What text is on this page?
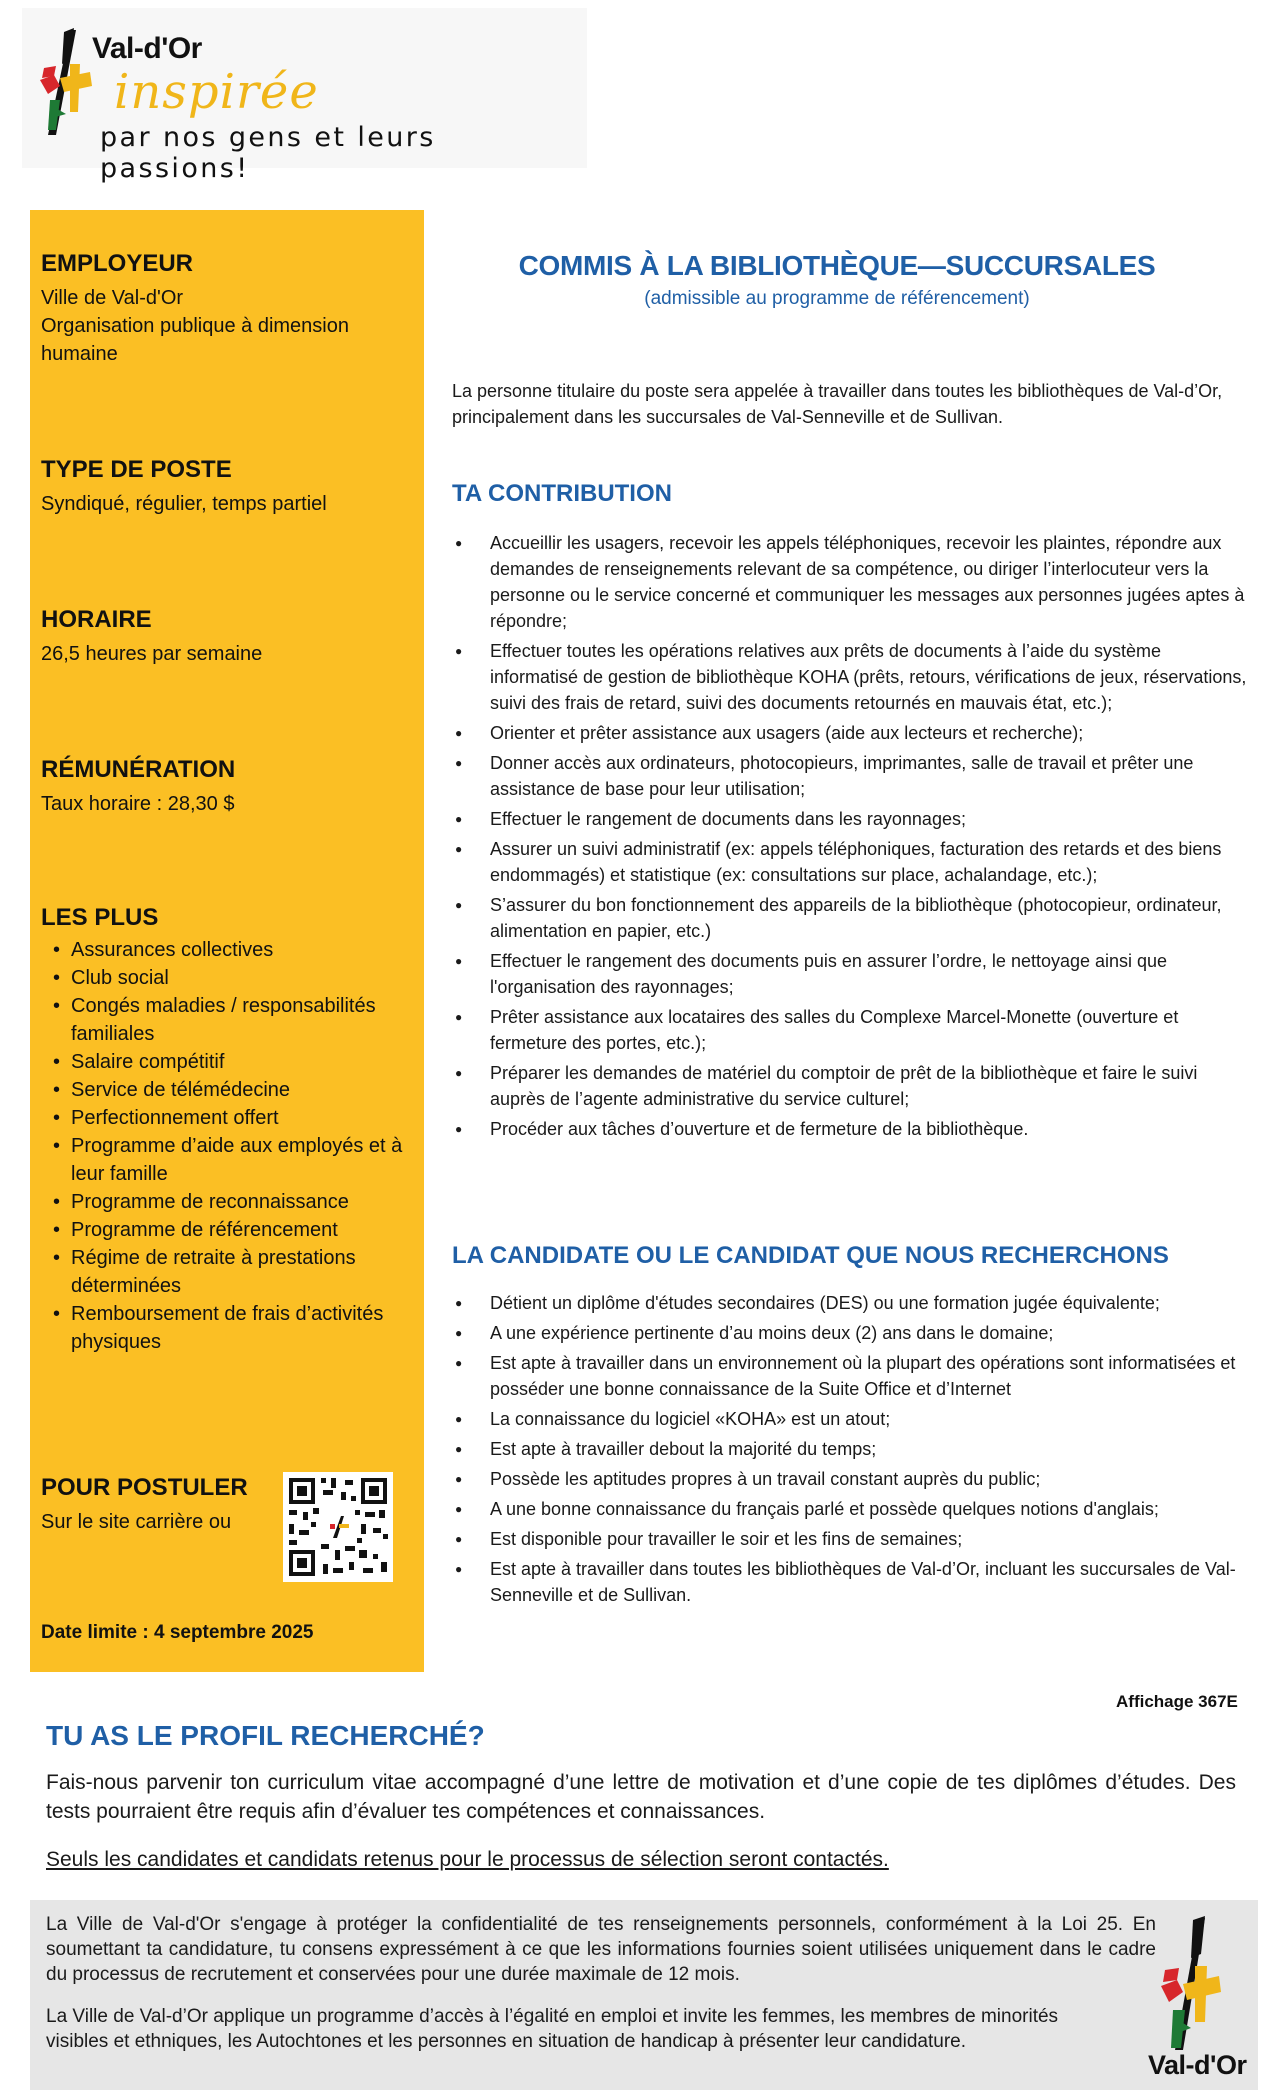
Val-d'Or
inspirée
par nos gens et leurs passions!
EMPLOYEUR
Ville de Val-d'Or
Organisation publique à dimension humaine
TYPE DE POSTE
Syndiqué, régulier, temps partiel
HORAIRE
26,5 heures par semaine
RÉMUNÉRATION
Taux horaire : 28,30 $
LES PLUS
• Assurances collectives
• Club social
• Congés maladies / responsabilités familiales
• Salaire compétitif
• Service de télémédecine
• Perfectionnement offert
• Programme d’aide aux employés et à leur famille
• Programme de reconnaissance
• Programme de référencement
• Régime de retraite à prestations déterminées
• Remboursement de frais d’activités physiques
POUR POSTULER
Sur le site carrière ou
Date limite : 4 septembre 2025
COMMIS À LA BIBLIOTHÈQUE—SUCCURSALES
(admissible au programme de référencement)
La personne titulaire du poste sera appelée à travailler dans toutes les bibliothèques de Val-d’Or, principalement dans les succursales de Val-Senneville et de Sullivan.
TA CONTRIBUTION
● Accueillir les usagers, recevoir les appels téléphoniques, recevoir les plaintes, répondre aux demandes de renseignements relevant de sa compétence, ou diriger l’interlocuteur vers la personne ou le service concerné et communiquer les messages aux personnes jugées aptes à répondre;
● Effectuer toutes les opérations relatives aux prêts de documents à l’aide du système informatisé de gestion de bibliothèque KOHA (prêts, retours, vérifications de jeux, réservations, suivi des frais de retard, suivi des documents retournés en mauvais état, etc.);
● Orienter et prêter assistance aux usagers (aide aux lecteurs et recherche);
● Donner accès aux ordinateurs, photocopieurs, imprimantes, salle de travail et prêter une assistance de base pour leur utilisation;
● Effectuer le rangement de documents dans les rayonnages;
● Assurer un suivi administratif (ex: appels téléphoniques, facturation des retards et des biens endommagés) et statistique (ex: consultations sur place, achalandage, etc.);
● S’assurer du bon fonctionnement des appareils de la bibliothèque (photocopieur, ordinateur, alimentation en papier, etc.)
● Effectuer le rangement des documents puis en assurer l’ordre, le nettoyage ainsi que l'organisation des rayonnages;
● Prêter assistance aux locataires des salles du Complexe Marcel-Monette (ouverture et fermeture des portes, etc.);
● Préparer les demandes de matériel du comptoir de prêt de la bibliothèque et faire le suivi auprès de l’agente administrative du service culturel;
● Procéder aux tâches d’ouverture et de fermeture de la bibliothèque.
LA CANDIDATE OU LE CANDIDAT QUE NOUS RECHERCHONS
● Détient un diplôme d'études secondaires (DES) ou une formation jugée équivalente;
● A une expérience pertinente d’au moins deux (2) ans dans le domaine;
● Est apte à travailler dans un environnement où la plupart des opérations sont informatisées et posséder une bonne connaissance de la Suite Office et d’Internet
● La connaissance du logiciel «KOHA» est un atout;
● Est apte à travailler debout la majorité du temps;
● Possède les aptitudes propres à un travail constant auprès du public;
● A une bonne connaissance du français parlé et possède quelques notions d'anglais;
● Est disponible pour travailler le soir et les fins de semaines;
● Est apte à travailler dans toutes les bibliothèques de Val-d’Or, incluant les succursales de Val-Senneville et de Sullivan.
Affichage 367E
TU AS LE PROFIL RECHERCHÉ?
Fais-nous parvenir ton curriculum vitae accompagné d’une lettre de motivation et d’une copie de tes diplômes d’études. Des tests pourraient être requis afin d’évaluer tes compétences et connaissances.
Seuls les candidates et candidats retenus pour le processus de sélection seront contactés.
La Ville de Val-d'Or s'engage à protéger la confidentialité de tes renseignements personnels, conformément à la Loi 25. En soumettant ta candidature, tu consens expressément à ce que les informations fournies soient utilisées uniquement dans le cadre du processus de recrutement et conservées pour une durée maximale de 12 mois.
La Ville de Val-d’Or applique un programme d’accès à l’égalité en emploi et invite les femmes, les membres de minorités visibles et ethniques, les Autochtones et les personnes en situation de handicap à présenter leur candidature.
Val-d'Or
